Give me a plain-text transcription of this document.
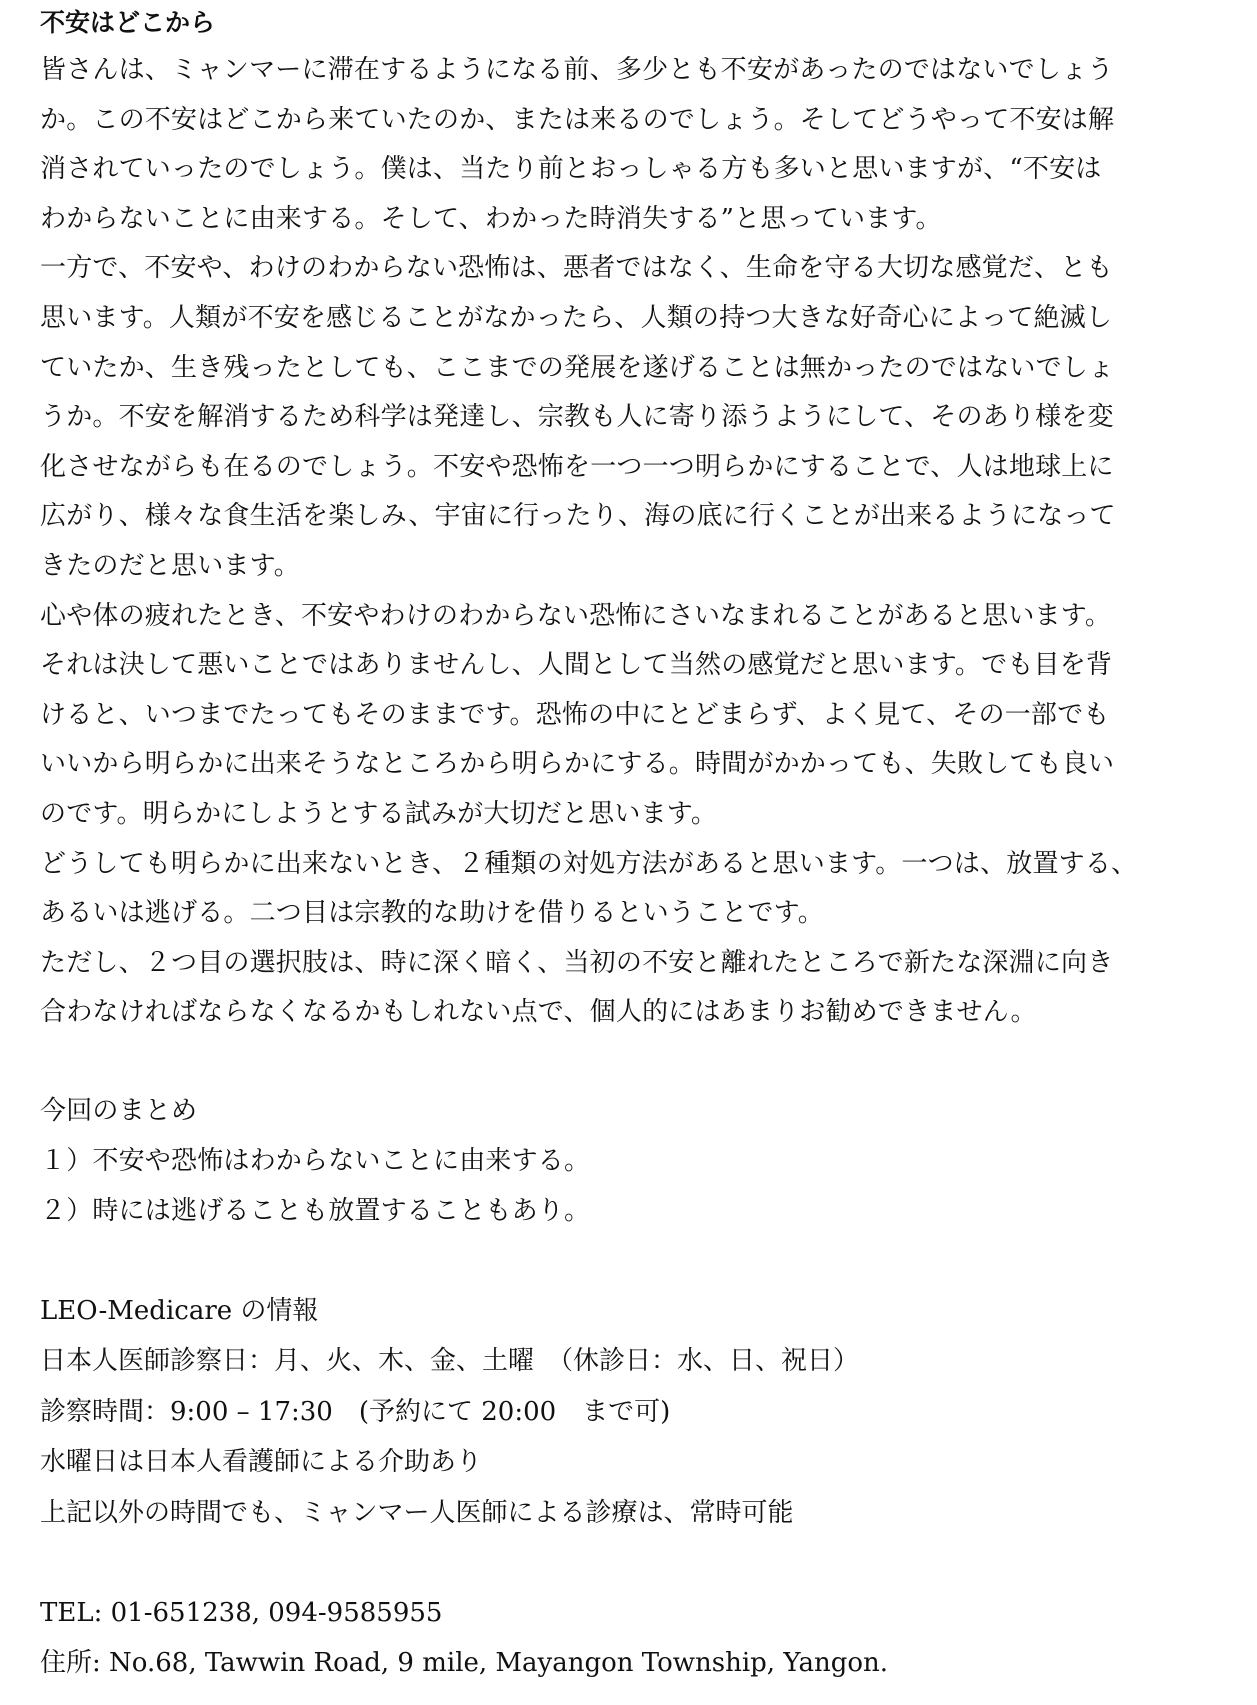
不安はどこから
皆さんは、ミャンマーに滞在するようになる前、多少とも不安があったのではないでしょう
か。この不安はどこから来ていたのか、または来るのでしょう。そしてどうやって不安は解
消されていったのでしょう。僕は、当たり前とおっしゃる方も多いと思いますが、“不安は
わからないことに由来する。そして、わかった時消失する”と思っています。
一方で、不安や、わけのわからない恐怖は、悪者ではなく、生命を守る大切な感覚だ、とも
思います。人類が不安を感じることがなかったら、人類の持つ大きな好奇心によって絶滅し
ていたか、生き残ったとしても、ここまでの発展を遂げることは無かったのではないでしょ
うか。不安を解消するため科学は発達し、宗教も人に寄り添うようにして、そのあり様を変
化させながらも在るのでしょう。不安や恐怖を一つ一つ明らかにすることで、人は地球上に
広がり、様々な食生活を楽しみ、宇宙に行ったり、海の底に行くことが出来るようになって
きたのだと思います。
心や体の疲れたとき、不安やわけのわからない恐怖にさいなまれることがあると思います。
それは決して悪いことではありませんし、人間として当然の感覚だと思います。でも目を背
けると、いつまでたってもそのままです。恐怖の中にとどまらず、よく見て、その一部でも
いいから明らかに出来そうなところから明らかにする。時間がかかっても、失敗しても良い
のです。明らかにしようとする試みが大切だと思います。
どうしても明らかに出来ないとき、２種類の対処方法があると思います。一つは、放置する、
あるいは逃げる。二つ目は宗教的な助けを借りるということです。
ただし、２つ目の選択肢は、時に深く暗く、当初の不安と離れたところで新たな深淵に向き
合わなければならなくなるかもしれない点で、個人的にはあまりお勧めできません。
今回のまとめ
１）不安や恐怖はわからないことに由来する。
２）時には逃げることも放置することもあり。
LEO-Medicare の情報
日本人医師診察日：月、火、木、金、土曜　（休診日：水、日、祝日）
診察時間：9:00 – 17:30　(予約にて 20:00　まで可)
水曜日は日本人看護師による介助あり
上記以外の時間でも、ミャンマー人医師による診療は、常時可能
TEL: 01-651238, 094-9585955
住所: No.68, Tawwin Road, 9 mile, Mayangon Township, Yangon.
